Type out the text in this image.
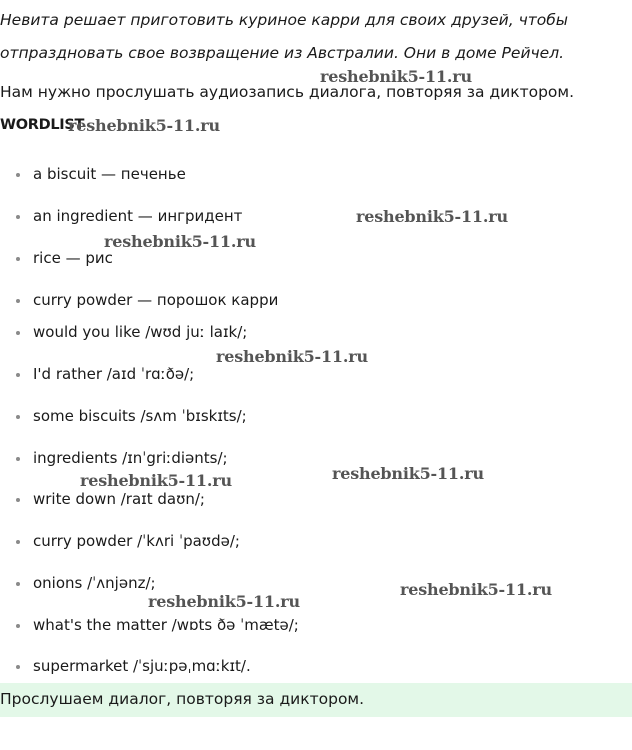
Невита решает приготовить куриное карри для своих друзей, чтобы
отпраздновать свое возвращение из Австралии. Они в доме Рейчел.

Нам нужно прослушать аудиозапись диалога, повторяя за диктором.
WORDLIST
a biscuit — печенье
an ingredient — ингридент
rice — рис
curry powder — порошок карри
would you like /wʊd juː laɪk/;
I'd rather /aɪd ˈrɑːðə/;
some biscuits /sʌm ˈbɪskɪts/;
ingredients /ɪnˈgriːdiənts/;
write down /raɪt daʊn/;
curry powder /ˈkʌri ˈpaʊdə/;
onions /ˈʌnjənz/;
what's the matter /wɒts ðə ˈmætə/;
supermarket /ˈsjuːpəˌmɑːkɪt/.
Прослушаем диалог, повторяя за диктором.
reshebnik5-11.ru
reshebnik5-11.ru
reshebnik5-11.ru
reshebnik5-11.ru
reshebnik5-11.ru
reshebnik5-11.ru
reshebnik5-11.ru
reshebnik5-11.ru
reshebnik5-11.ru
